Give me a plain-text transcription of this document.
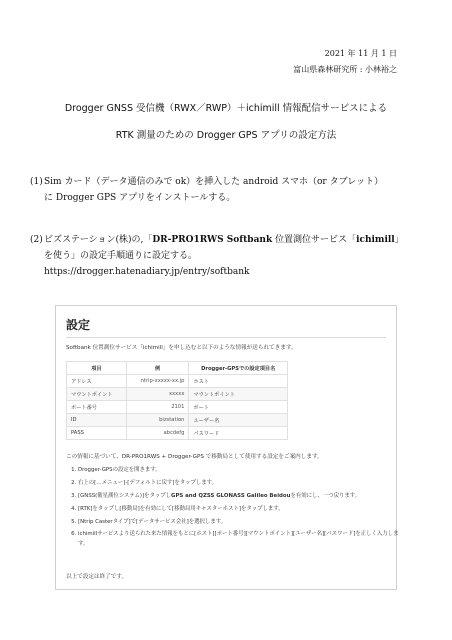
2021 年 11 月 1 日
富山県森林研究所 : 小林裕之
Drogger GNSS 受信機（RWX／RWP）＋ichimill 情報配信サービスによる
RTK 測量のための Drogger GPS アプリの設定方法
(1) Sim カード（データ通信のみで ok）を挿入した android スマホ（or タブレット）
に Drogger GPS アプリをインストールする。
(2) ビズステーション(株)の,「DR-PRO1RWS Softbank 位置測位サービス「ichimill」
を使う」の設定手順通りに設定する。
https://drogger.hatenadiary.jp/entry/softbank
設定
Softbank 位置測位サービス「ichimill」を申し込むと以下のような情報が送られてきます。
項目	例	Drogger-GPSでの設定項目名
アドレス	ntrip-xxxxx-xx.jp	ホスト
マウントポイント	xxxxx	マウントポイント
ポート番号	2101	ポート
ID	bizstation	ユーザー名
PASS	abcdefg	パスワード
この情報に基づいて、DR-PRO1RWS + Drogger-GPS で移動局として使用する設定をご案内します。
1. Drogger-GPSの設定を開きます。
2. 右上の[…メニュー]-[デフォルトに戻す]をタップします。
3. [GNSS(衛星測位システム)]をタップしGPS and QZSS GLONASS Galileo Beidouを有効にし、一つ戻ります。
4. [RTK]をタップし[移動局]を有効にして[移動局用キャスターホスト]をタップします。
5. [Ntrip Casterタイプ]で[データサービス会社]を選択します。
6. ichimillサービスより送られた来た情報をもとに[ホスト][ポート番号][マウントポイント][ユーザー名][パスワード]を正しく入力します。
以上で設定は終了です。
